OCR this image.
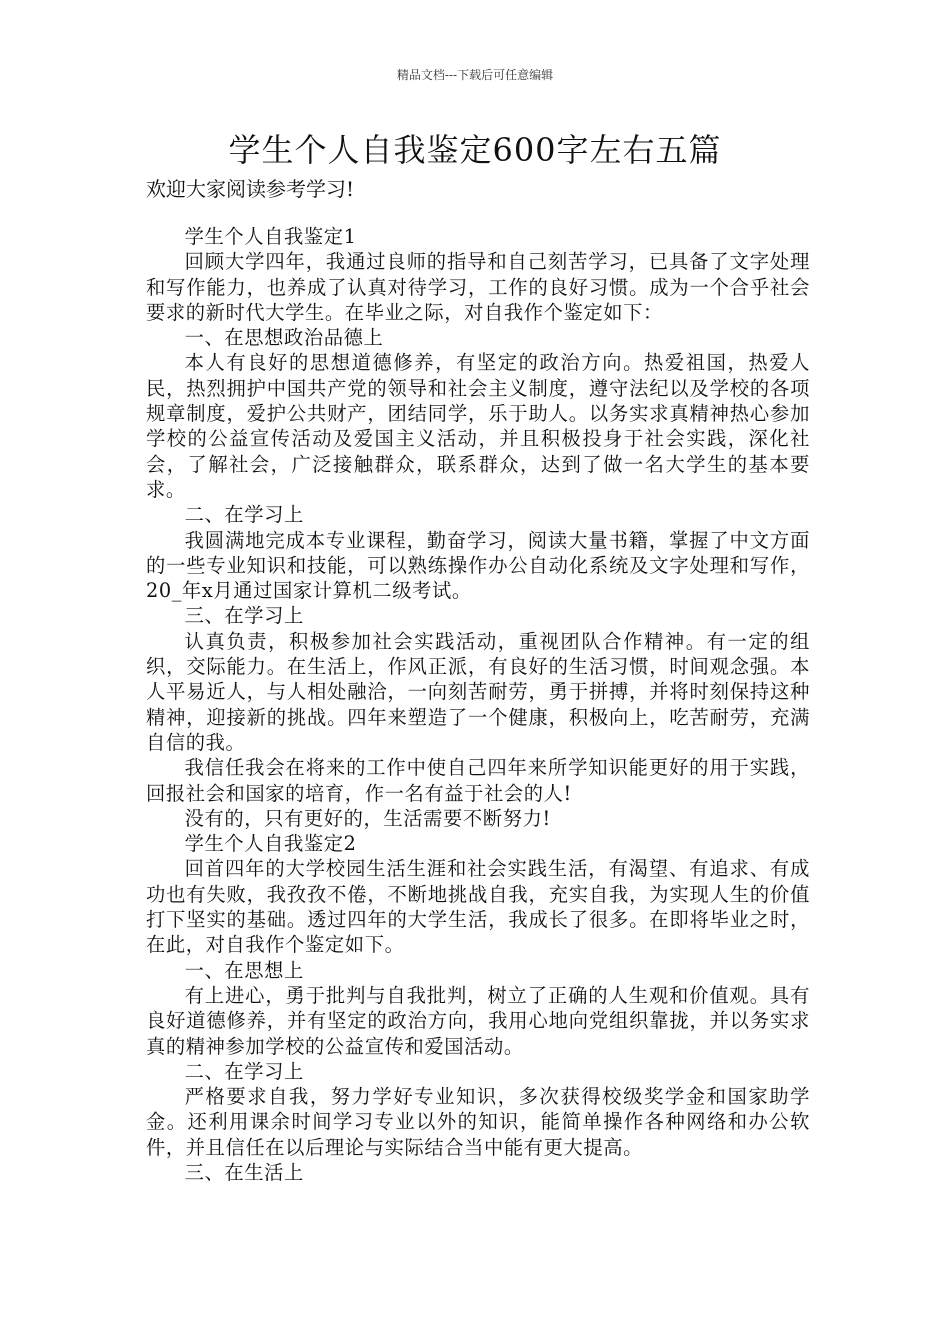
精品文档---下载后可任意编辑
学生个人自我鉴定600字左右五篇
欢迎大家阅读参考学习!

学生个人自我鉴定1

回顾大学四年，我通过良师的指导和自己刻苦学习，已具备了文字处理和写作能力，也养成了认真对待学习，工作的良好习惯。成为一个合乎社会要求的新时代大学生。在毕业之际，对自我作个鉴定如下：

一、在思想政治品德上

本人有良好的思想道德修养，有坚定的政治方向。热爱祖国，热爱人民，热烈拥护中国共产党的领导和社会主义制度，遵守法纪以及学校的各项规章制度，爱护公共财产，团结同学，乐于助人。以务实求真精神热心参加学校的公益宣传活动及爱国主义活动，并且积极投身于社会实践，深化社会，了解社会，广泛接触群众，联系群众，达到了做一名大学生的基本要求。

二、在学习上

我圆满地完成本专业课程，勤奋学习，阅读大量书籍，掌握了中文方面的一些专业知识和技能，可以熟练操作办公自动化系统及文字处理和写作，20_年x月通过国家计算机二级考试。

三、在学习上

认真负责，积极参加社会实践活动，重视团队合作精神。有一定的组织，交际能力。在生活上，作风正派，有良好的生活习惯，时间观念强。本人平易近人，与人相处融洽，一向刻苦耐劳，勇于拼搏，并将时刻保持这种精神，迎接新的挑战。四年来塑造了一个健康，积极向上，吃苦耐劳，充满自信的我。

我信任我会在将来的工作中使自己四年来所学知识能更好的用于实践，回报社会和国家的培育，作一名有益于社会的人!

没有的，只有更好的，生活需要不断努力!

学生个人自我鉴定2

回首四年的大学校园生活生涯和社会实践生活，有渴望、有追求、有成功也有失败，我孜孜不倦，不断地挑战自我，充实自我，为实现人生的价值打下坚实的基础。透过四年的大学生活，我成长了很多。在即将毕业之时，在此，对自我作个鉴定如下。

一、在思想上

有上进心，勇于批判与自我批判，树立了正确的人生观和价值观。具有良好道德修养，并有坚定的政治方向，我用心地向党组织靠拢，并以务实求真的精神参加学校的公益宣传和爱国活动。

二、在学习上

严格要求自我，努力学好专业知识，多次获得校级奖学金和国家助学金。还利用课余时间学习专业以外的知识，能简单操作各种网络和办公软件，并且信任在以后理论与实际结合当中能有更大提高。

三、在生活上
